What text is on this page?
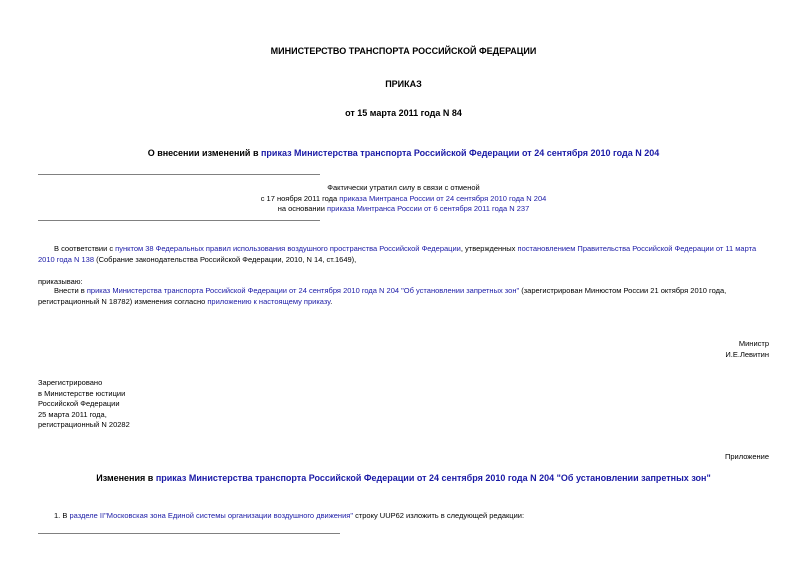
МИНИСТЕРСТВО ТРАНСПОРТА РОССИЙСКОЙ ФЕДЕРАЦИИ
ПРИКАЗ
от 15 марта 2011 года N 84
О внесении изменений в приказ Министерства транспорта Российской Федерации от 24 сентября 2010 года N 204
Фактически утратил силу в связи с отменой
с 17 ноября 2011 года приказа Минтранса России от 24 сентября 2010 года N 204
на основании приказа Минтранса России от 6 сентября 2011 года N 237
В соответствии с пунктом 38 Федеральных правил использования воздушного пространства Российской Федерации, утвержденных постановлением Правительства Российской Федерации от 11 марта 2010 года N 138 (Собрание законодательства Российской Федерации, 2010, N 14, ст.1649),
приказываю:
Внести в приказ Министерства транспорта Российской Федерации от 24 сентября 2010 года N 204 "Об установлении запретных зон" (зарегистрирован Минюстом России 21 октября 2010 года, регистрационный N 18782) изменения согласно приложению к настоящему приказу.
Министр
И.Е.Левитин
Зарегистрировано
в Министерстве юстиции
Российской Федерации
25 марта 2011 года,
регистрационный N 20282
Приложение
Изменения в приказ Министерства транспорта Российской Федерации от 24 сентября 2010 года N 204 "Об установлении запретных зон"
1. В разделе II"Московская зона Единой системы организации воздушного движения" строку UUP62 изложить в следующей редакции:
